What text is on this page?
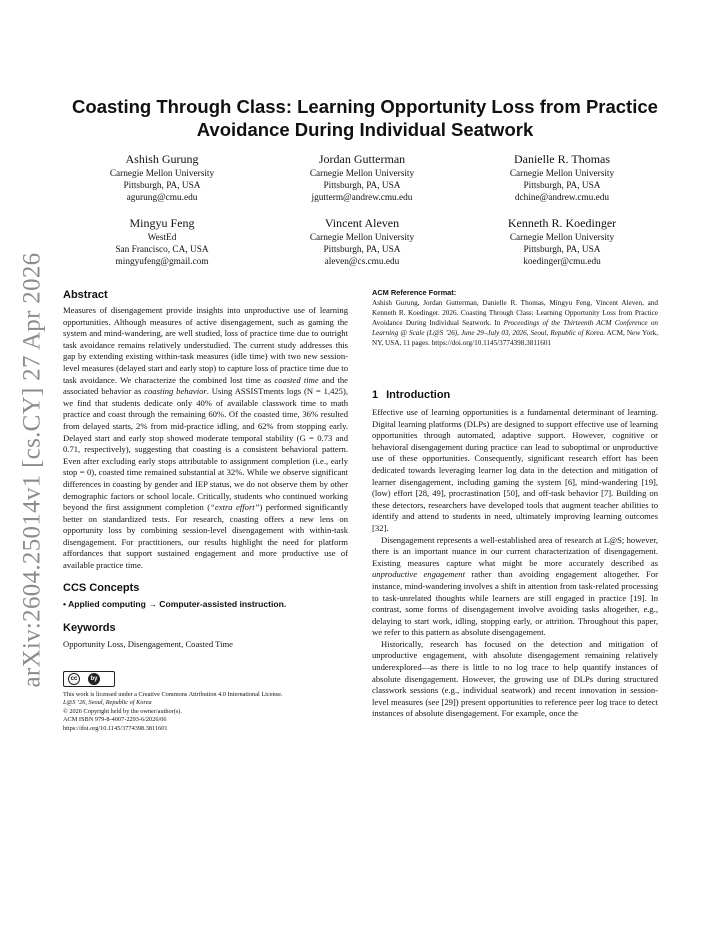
arXiv:2604.25014v1 [cs.CY] 27 Apr 2026
Coasting Through Class: Learning Opportunity Loss from Practice Avoidance During Individual Seatwork
Ashish Gurung
Carnegie Mellon University
Pittsburgh, PA, USA
agurung@cmu.edu
Jordan Gutterman
Carnegie Mellon University
Pittsburgh, PA, USA
jgutterm@andrew.cmu.edu
Danielle R. Thomas
Carnegie Mellon University
Pittsburgh, PA, USA
dchine@andrew.cmu.edu
Mingyu Feng
WestEd
San Francisco, CA, USA
mingyufeng@gmail.com
Vincent Aleven
Carnegie Mellon University
Pittsburgh, PA, USA
aleven@cs.cmu.edu
Kenneth R. Koedinger
Carnegie Mellon University
Pittsburgh, PA, USA
koedinger@cmu.edu
Abstract

Measures of disengagement provide insights into unproductive use of learning opportunities. Although measures of active disengagement, such as gaming the system and mind-wandering, are well studied, loss of practice time due to outright task avoidance remains relatively understudied. The current study addresses this gap by extending existing within-task measures (idle time) with two new session-level measures (delayed start and early stop) to capture loss of practice time due to task avoidance. We characterize the combined lost time as coasted time and the associated behavior as coasting behavior. Using ASSISTments logs (N = 1,425), we find that students dedicate only 40% of available classwork time to math practice and coast through the remaining 60%. Of the coasted time, 36% resulted from delayed starts, 2% from mid-practice idling, and 62% from stopping early. Delayed start and early stop showed moderate temporal stability (G = 0.73 and 0.71, respectively), suggesting that coasting is a consistent behavioral pattern. Even after excluding early stops attributable to assignment completion (i.e., early stop = 0), coasted time remained substantial at 32%. While we observe significant differences in coasting by gender and IEP status, we do not observe them by other demographic factors or school locale. Critically, students who continued working beyond the first assignment completion (“extra effort”) performed significantly better on standardized tests. For research, coasting offers a new lens on opportunity loss by combining session-level disengagement with within-task disengagement. For practitioners, our results highlight the need for platform affordances that support sustained engagement and more productive use of available practice time.

CCS Concepts

• Applied computing → Computer-assisted instruction.

Keywords

Opportunity Loss, Disengagement, Coasted Time

cc	by
This work is licensed under a Creative Commons Attribution 4.0 International License.
L@S ’26, Seoul, Republic of Korea
© 2026 Copyright held by the owner/author(s).
ACM ISBN 979-8-4007-2293-6/2026/06
https://doi.org/10.1145/3774398.3811601
ACM Reference Format:

Ashish Gurung, Jordan Gutterman, Danielle R. Thomas, Mingyu Feng, Vincent Aleven, and Kenneth R. Koedinger. 2026. Coasting Through Class: Learning Opportunity Loss from Practice Avoidance During Individual Seatwork. In Proceedings of the Thirteenth ACM Conference on Learning @ Scale (L@S ’26), June 29–July 03, 2026, Seoul, Republic of Korea. ACM, New York, NY, USA, 11 pages. https://doi.org/10.1145/3774398.3811601

1 Introduction

Effective use of learning opportunities is a fundamental determinant of learning. Digital learning platforms (DLPs) are designed to support effective use of learning opportunities through automated, adaptive support. However, cognitive or behavioral disengagement during practice can lead to suboptimal or unproductive use of these opportunities. Consequently, significant research effort has been dedicated towards leveraging learner log data in the detection and mitigation of learner disengagement, including gaming the system [6], mind-wandering [19], (low) effort [28, 49], procrastination [50], and off-task behavior [7]. Building on these detectors, researchers have developed tools that augment teacher abilities to identify and attend to students in need, ultimately improving learning outcomes [32].

Disengagement represents a well-established area of research at L@S; however, there is an important nuance in our current characterization of disengagement. Existing measures capture what might be more accurately described as unproductive engagement rather than avoiding engagement altogether. For instance, mind-wandering involves a shift in attention from task-related processing to task-unrelated thoughts while learners are still engaged in practice [19]. In contrast, some forms of disengagement involve avoiding tasks altogether, e.g., delaying to start work, idling, stopping early, or attrition. Throughout this paper, we refer to this pattern as absolute disengagement.

Historically, research has focused on the detection and mitigation of unproductive engagement, with absolute disengagement remaining relatively underexplored—as there is little to no log trace to help quantify instances of absolute disengagement. However, the growing use of DLPs during structured classwork sessions (e.g., individual seatwork) and recent innovation in session-level measures (see [29]) present opportunities to reference peer log trace to detect instances of absolute disengagement. For example, once the
